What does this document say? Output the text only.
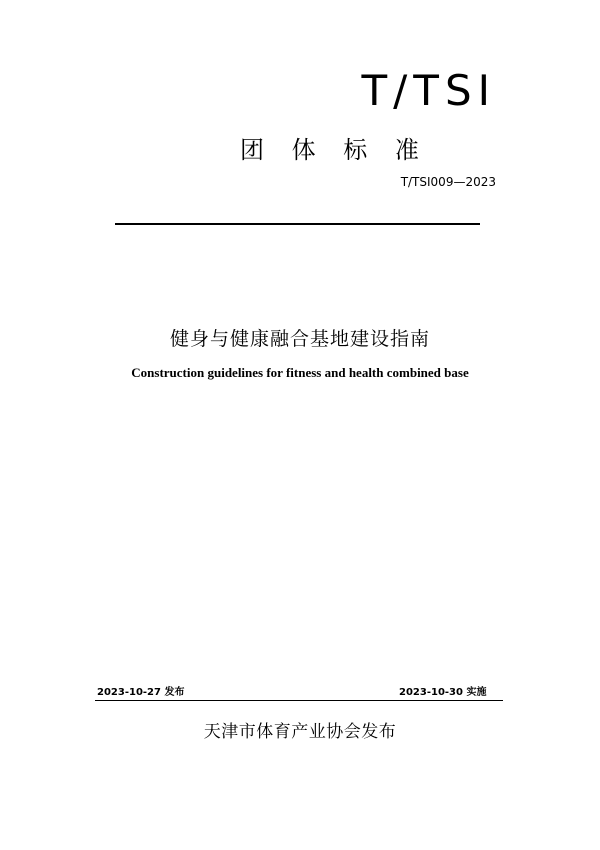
T/TSI
团 体 标 准
T/TSI009—2023
健身与健康融合基地建设指南
Construction guidelines for fitness and health combined base
2023-10-27 发布	2023-10-30 实施
天津市体育产业协会发布
